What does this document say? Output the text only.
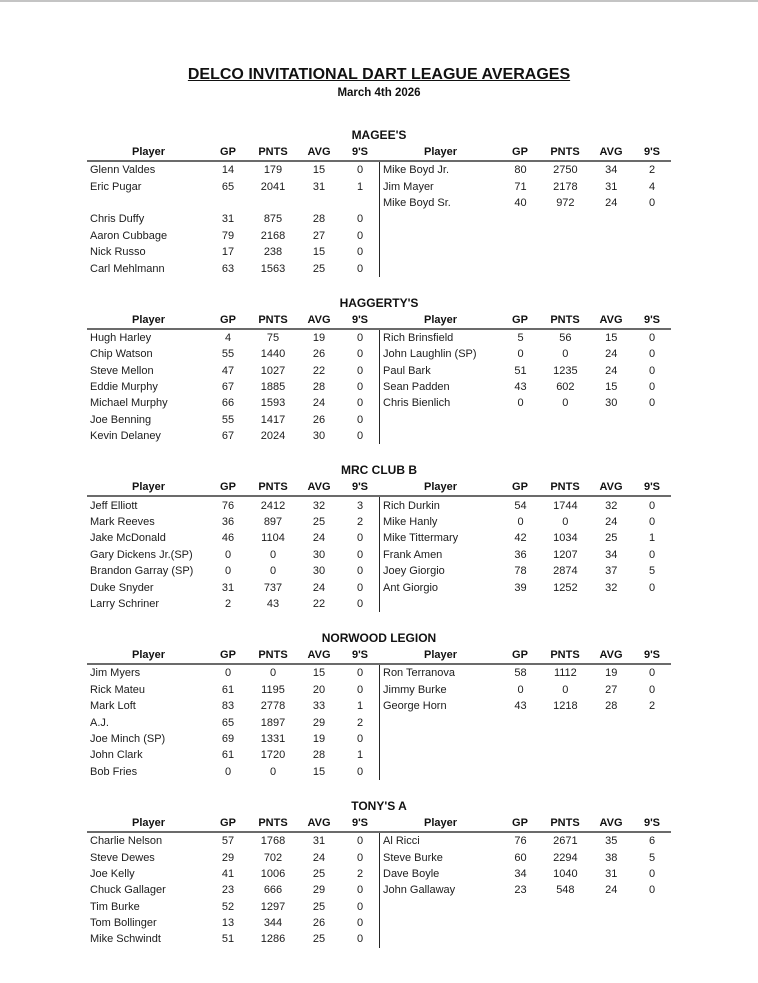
DELCO INVITATIONAL DART LEAGUE AVERAGES
March 4th 2026
MAGEE'S
Player	GP	PNTS	AVG	9'S
Glenn Valdes	14	179	15	0
Eric Pugar	65	2041	31	1
Chris Duffy	31	875	28	0
Aaron Cubbage	79	2168	27	0
Nick Russo	17	238	15	0
Carl Mehlmann	63	1563	25	0
Player	GP	PNTS	AVG	9'S
Mike Boyd Jr.	80	2750	34	2
Jim Mayer	71	2178	31	4
Mike Boyd Sr.	40	972	24	0
HAGGERTY'S
Player	GP	PNTS	AVG	9'S
Hugh Harley	4	75	19	0
Chip Watson	55	1440	26	0
Steve Mellon	47	1027	22	0
Eddie Murphy	67	1885	28	0
Michael Murphy	66	1593	24	0
Joe Benning	55	1417	26	0
Kevin Delaney	67	2024	30	0
Player	GP	PNTS	AVG	9'S
Rich Brinsfield	5	56	15	0
John Laughlin (SP)	0	0	24	0
Paul Bark	51	1235	24	0
Sean Padden	43	602	15	0
Chris Bienlich	0	0	30	0
MRC CLUB B
Player	GP	PNTS	AVG	9'S
Jeff Elliott	76	2412	32	3
Mark Reeves	36	897	25	2
Jake McDonald	46	1104	24	0
Gary Dickens Jr.(SP)	0	0	30	0
Brandon Garray (SP)	0	0	30	0
Duke Snyder	31	737	24	0
Larry Schriner	2	43	22	0
Player	GP	PNTS	AVG	9'S
Rich Durkin	54	1744	32	0
Mike Hanly	0	0	24	0
Mike Tittermary	42	1034	25	1
Frank Amen	36	1207	34	0
Joey Giorgio	78	2874	37	5
Ant Giorgio	39	1252	32	0
NORWOOD LEGION
Player	GP	PNTS	AVG	9'S
Jim Myers	0	0	15	0
Rick Mateu	61	1195	20	0
Mark Loft	83	2778	33	1
A.J.	65	1897	29	2
Joe Minch (SP)	69	1331	19	0
John Clark	61	1720	28	1
Bob Fries	0	0	15	0
Player	GP	PNTS	AVG	9'S
Ron Terranova	58	1112	19	0
Jimmy Burke	0	0	27	0
George Horn	43	1218	28	2
TONY'S A
Player	GP	PNTS	AVG	9'S
Charlie Nelson	57	1768	31	0
Steve Dewes	29	702	24	0
Joe Kelly	41	1006	25	2
Chuck Gallager	23	666	29	0
Tim Burke	52	1297	25	0
Tom Bollinger	13	344	26	0
Mike Schwindt	51	1286	25	0
Player	GP	PNTS	AVG	9'S
Al Ricci	76	2671	35	6
Steve Burke	60	2294	38	5
Dave Boyle	34	1040	31	0
John Gallaway	23	548	24	0
